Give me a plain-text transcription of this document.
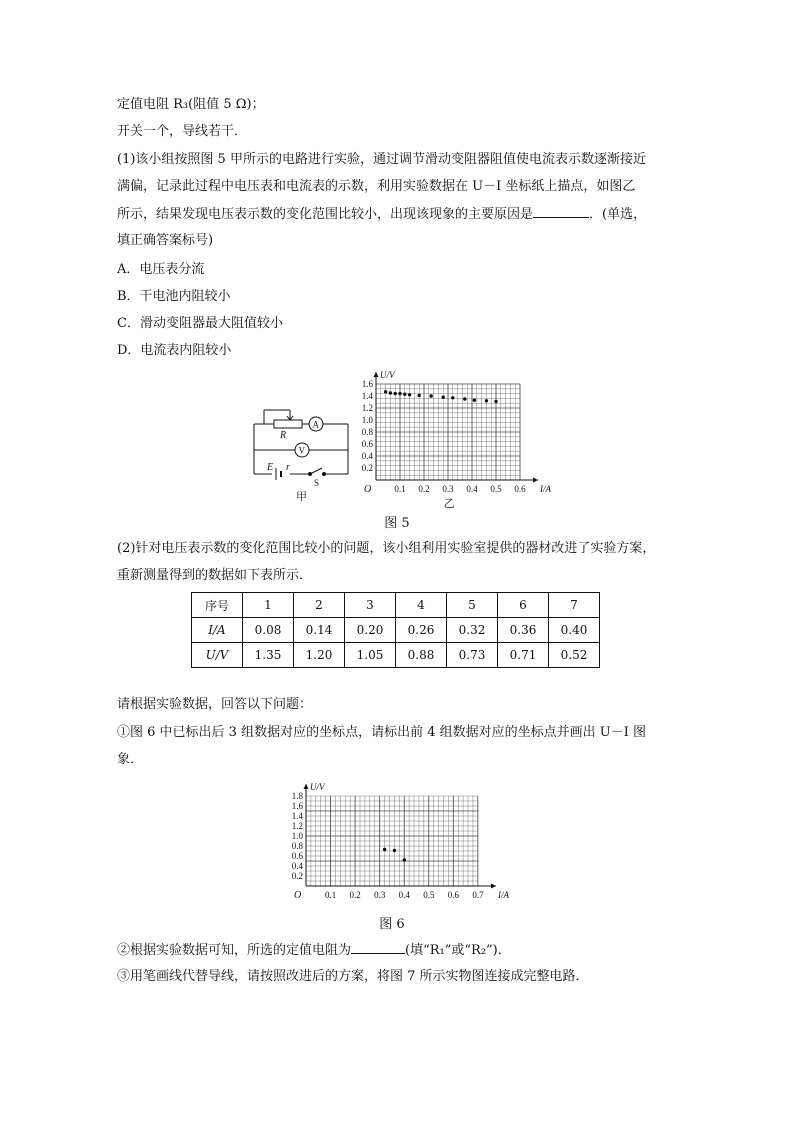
定值电阻 R₃(阻值 5 Ω)；
开关一个，导线若干．
(1)该小组按照图 5 甲所示的电路进行实验，通过调节滑动变阻器阻值使电流表示数逐渐接近
满偏，记录此过程中电压表和电流表的示数，利用实验数据在 U－I 坐标纸上描点，如图乙
所示，结果发现电压表示数的变化范围比较小，出现该现象的主要原因是	．(单选，
填正确答案标号)
A．电压表分流
B．干电池内阻较小
C．滑动变阻器最大阻值较小
D．电流表内阻较小
R
A
V
E r
S
甲
0.1 0.2 0.3 0.4 0.5 0.6
0.2
0.4
0.6
0.8
1.0
1.2
1.4
1.6
O	I/A
U/V
乙
图 5
(2)针对电压表示数的变化范围比较小的问题，该小组利用实验室提供的器材改进了实验方案，
重新测量得到的数据如下表所示．
序号	1	2	3	4	5	6	7
I/A	0.08	0.14	0.20	0.26	0.32	0.36	0.40
U/V	1.35	1.20	1.05	0.88	0.73	0.71	0.52
请根据实验数据，回答以下问题：
①图 6 中已标出后 3 组数据对应的坐标点，请标出前 4 组数据对应的坐标点并画出 U－I 图
象．
0.1 0.2 0.3 0.4 0.5 0.6 0.7
0.2
0.4
0.6
0.8
1.0
1.2
1.4
1.6
1.8
O	I/A
U/V
图 6
②根据实验数据可知，所选的定值电阻为	(填“R₁”或“R₂”)．
③用笔画线代替导线，请按照改进后的方案，将图 7 所示实物图连接成完整电路．
